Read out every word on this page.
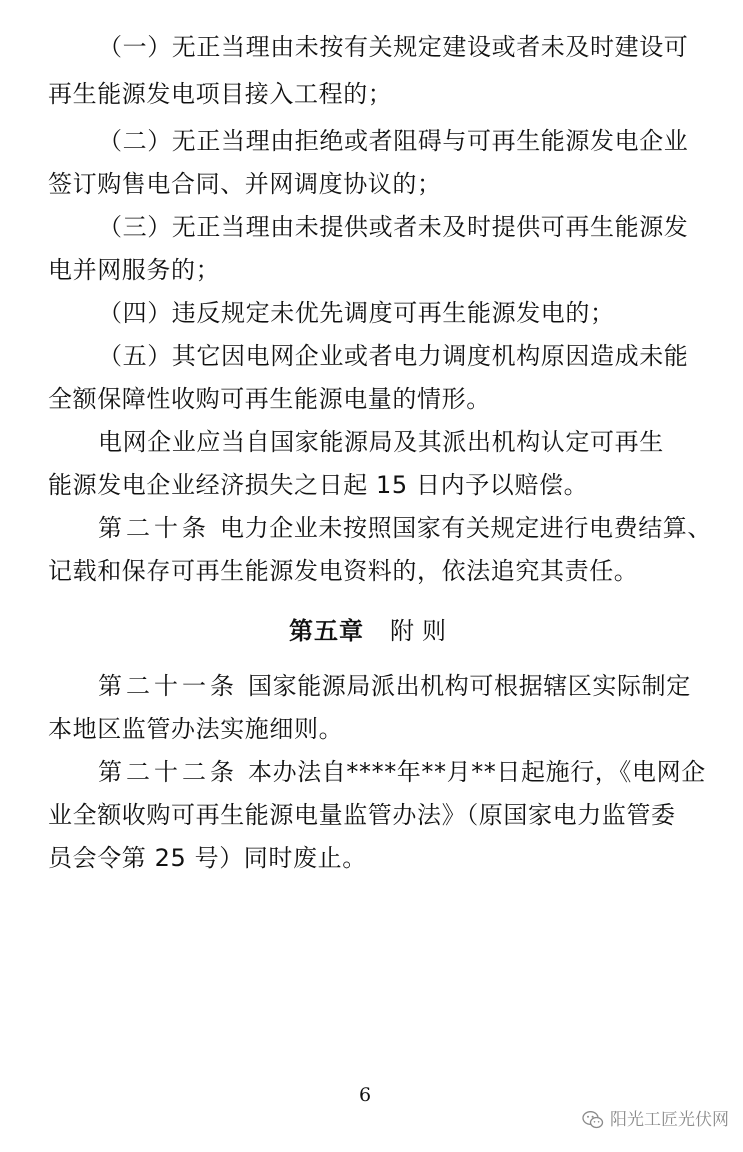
（一）无正当理由未按有关规定建设或者未及时建设可
再生能源发电项目接入工程的；
（二）无正当理由拒绝或者阻碍与可再生能源发电企业
签订购售电合同、并网调度协议的；
（三）无正当理由未提供或者未及时提供可再生能源发
电并网服务的；
（四）违反规定未优先调度可再生能源发电的；
（五）其它因电网企业或者电力调度机构原因造成未能
全额保障性收购可再生能源电量的情形。
电网企业应当自国家能源局及其派出机构认定可再生
能源发电企业经济损失之日起 15 日内予以赔偿。
第二十条 电力企业未按照国家有关规定进行电费结算、
记载和保存可再生能源发电资料的，依法追究其责任。
第五章 附则
第二十一条 国家能源局派出机构可根据辖区实际制定
本地区监管办法实施细则。
第二十二条 本办法自****年**月**日起施行，《电网企
业全额收购可再生能源电量监管办法》（原国家电力监管委
员会令第 25 号）同时废止。
6
阳光工匠光伏网
